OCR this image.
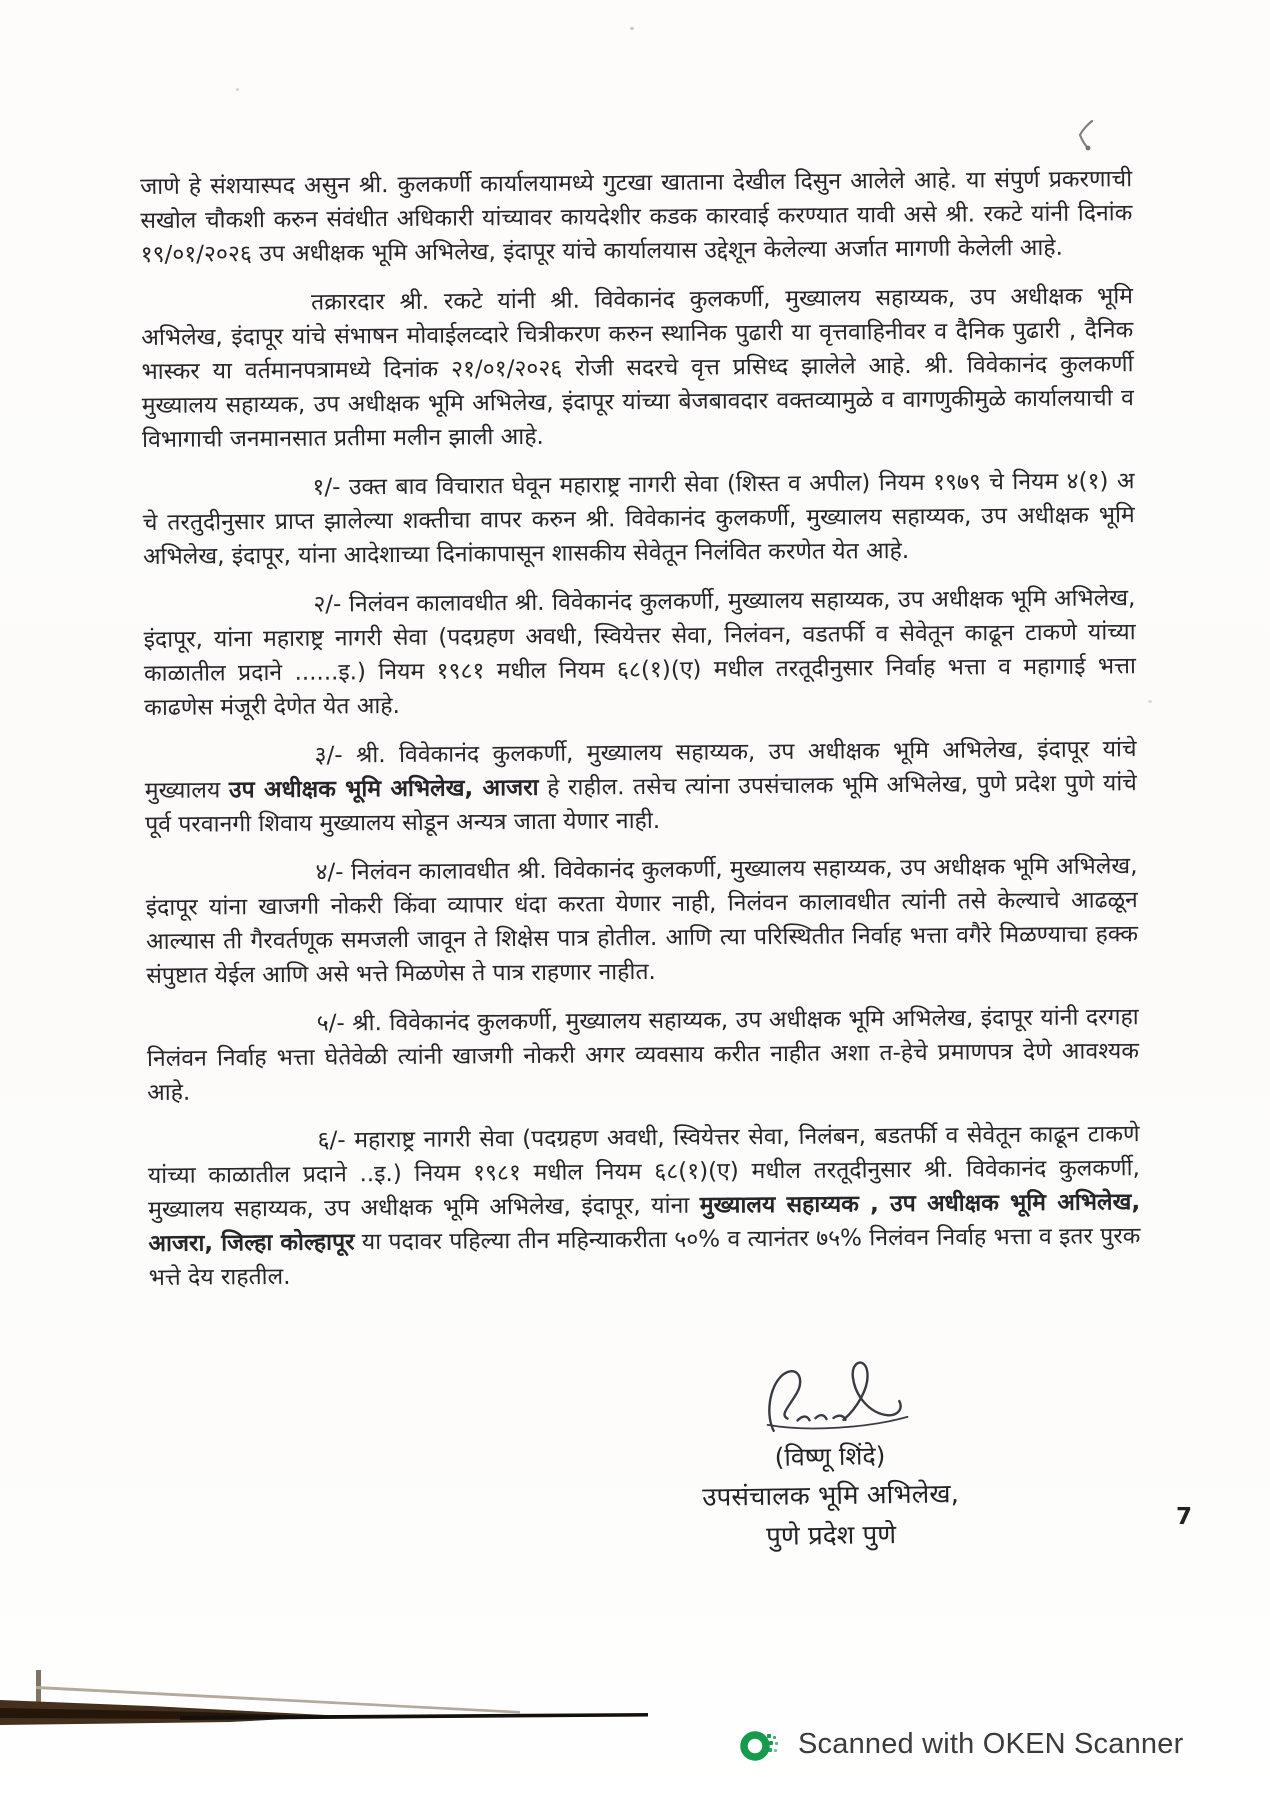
जाणे हे संशयास्पद असुन श्री. कुलकर्णी कार्यालयामध्ये गुटखा खाताना देखील दिसुन आलेले आहे. या संपुर्ण प्रकरणाची सखोल चौकशी करुन संवंधीत अधिकारी यांच्यावर कायदेशीर कडक कारवाई करण्यात यावी असे श्री. रकटे यांनी दिनांक १९/०१/२०२६ उप अधीक्षक भूमि अभिलेख, इंदापूर यांचे कार्यालयास उद्देशून केलेल्या अर्जात मागणी केलेली आहे.

तक्रारदार श्री. रकटे यांनी श्री. विवेकानंद कुलकर्णी, मुख्यालय सहाय्यक, उप अधीक्षक भूमि अभिलेख, इंदापूर यांचे संभाषन मोवाईलव्दारे चित्रीकरण करुन स्थानिक पुढारी या वृत्तवाहिनीवर व दैनिक पुढारी , दैनिक भास्कर या वर्तमानपत्रामध्ये दिनांक २१/०१/२०२६ रोजी सदरचे वृत्त प्रसिध्द झालेले आहे. श्री. विवेकानंद कुलकर्णी मुख्यालय सहाय्यक, उप अधीक्षक भूमि अभिलेख, इंदापूर यांच्या बेजबावदार वक्तव्यामुळे व वागणुकीमुळे कार्यालयाची व विभागाची जनमानसात प्रतीमा मलीन झाली आहे.

१/- उक्त बाव विचारात घेवून महाराष्ट्र नागरी सेवा (शिस्त व अपील) नियम १९७९ चे नियम ४(१) अ चे तरतुदीनुसार प्राप्त झालेल्या शक्तीचा वापर करुन श्री. विवेकानंद कुलकर्णी, मुख्यालय सहाय्यक, उप अधीक्षक भूमि अभिलेख, इंदापूर, यांना आदेशाच्या दिनांकापासून शासकीय सेवेतून निलंवित करणेत येत आहे.

२/- निलंवन कालावधीत श्री. विवेकानंद कुलकर्णी, मुख्यालय सहाय्यक, उप अधीक्षक भूमि अभिलेख, इंदापूर, यांना महाराष्ट्र नागरी सेवा (पदग्रहण अवधी, स्वियेत्तर सेवा, निलंवन, वडतर्फी व सेवेतून काढून टाकणे यांच्या काळातील प्रदाने ......इ.) नियम १९८१ मधील नियम ६८(१)(ए) मधील तरतूदीनुसार निर्वाह भत्ता व महागाई भत्ता काढणेस मंजूरी देणेत येत आहे.

३/- श्री. विवेकानंद कुलकर्णी, मुख्यालय सहाय्यक, उप अधीक्षक भूमि अभिलेख, इंदापूर यांचे मुख्यालय उप अधीक्षक भूमि अभिलेख, आजरा हे राहील. तसेच त्यांना उपसंचालक भूमि अभिलेख, पुणे प्रदेश पुणे यांचे पूर्व परवानगी शिवाय मुख्यालय सोडून अन्यत्र जाता येणार नाही.

४/- निलंवन कालावधीत श्री. विवेकानंद कुलकर्णी, मुख्यालय सहाय्यक, उप अधीक्षक भूमि अभिलेख, इंदापूर यांना खाजगी नोकरी किंवा व्यापार धंदा करता येणार नाही, निलंवन कालावधीत त्यांनी तसे केल्याचे आढळून आल्यास ती गैरवर्तणूक समजली जावून ते शिक्षेस पात्र होतील. आणि त्या परिस्थितीत निर्वाह भत्ता वगैरे मिळण्याचा हक्क संपुष्टात येईल आणि असे भत्ते मिळणेस ते पात्र राहणार नाहीत.

५/- श्री. विवेकानंद कुलकर्णी, मुख्यालय सहाय्यक, उप अधीक्षक भूमि अभिलेख, इंदापूर यांनी दरगहा निलंवन निर्वाह भत्ता घेतेवेळी त्यांनी खाजगी नोकरी अगर व्यवसाय करीत नाहीत अशा त-हेचे प्रमाणपत्र देणे आवश्यक आहे.

६/- महाराष्ट्र नागरी सेवा (पदग्रहण अवधी, स्वियेत्तर सेवा, निलंबन, बडतर्फी व सेवेतून काढून टाकणे यांच्या काळातील प्रदाने ..इ.) नियम १९८१ मधील नियम ६८(१)(ए) मधील तरतूदीनुसार श्री. विवेकानंद कुलकर्णी, मुख्यालय सहाय्यक, उप अधीक्षक भूमि अभिलेख, इंदापूर, यांना मुख्यालय सहाय्यक , उप अधीक्षक भूमि अभिलेख, आजरा, जिल्हा कोल्हापूर या पदावर पहिल्या तीन महिन्याकरीता ५०% व त्यानंतर ७५% निलंवन निर्वाह भत्ता व इतर पुरक भत्ते देय राहतील.

(विष्णू शिंदे)
उपसंचालक भूमि अभिलेख,
पुणे प्रदेश पुणे
7
Scanned with OKEN Scanner
